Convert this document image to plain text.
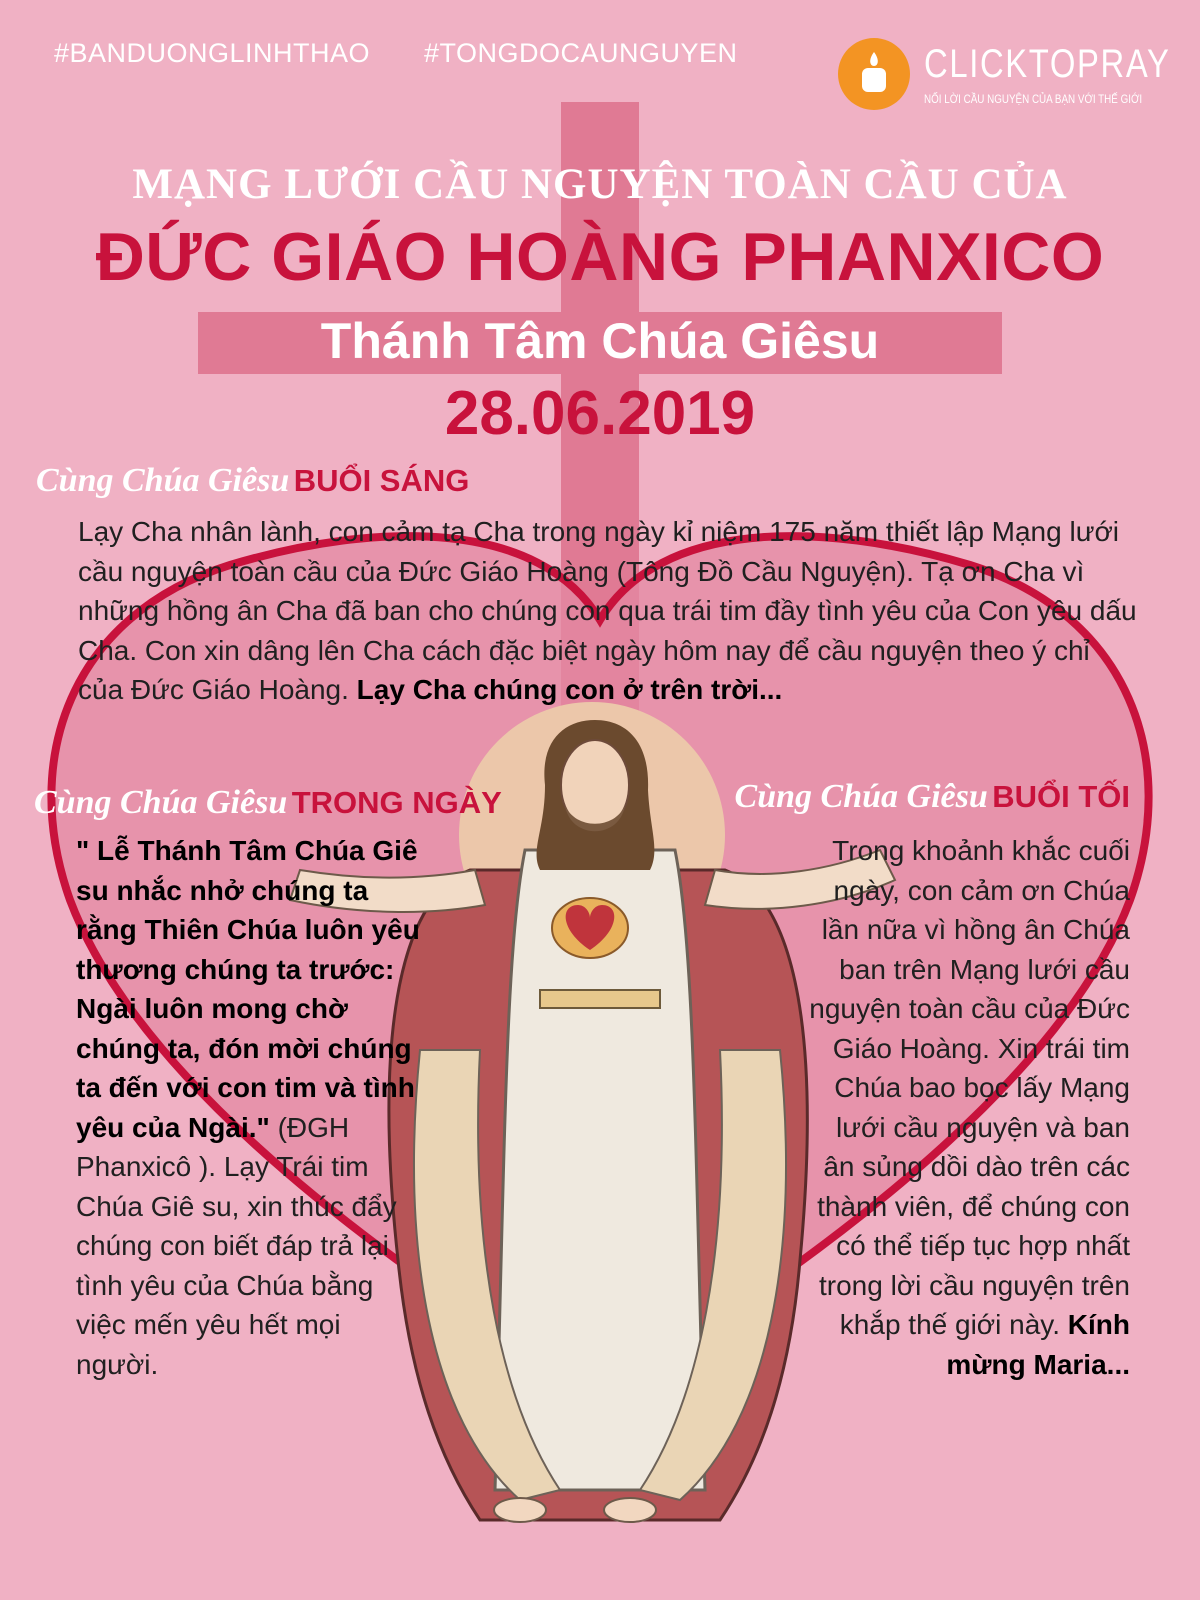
#BANDUONGLINHTHAO #TONGDOCAUNGUYEN	CLICKTOPRAY
NỐI LỜI CẦU NGUYỆN CỦA BẠN VỚI THẾ GIỚI
MẠNG LƯỚI CẦU NGUYỆN TOÀN CẦU CỦA
ĐỨC GIÁO HOÀNG PHANXICO
Thánh Tâm Chúa Giêsu
28.06.2019
Cùng Chúa Giêsu BUỔI SÁNG
Lạy Cha nhân lành, con cảm tạ Cha trong ngày kỉ niệm 175 năm thiết lập Mạng lưới cầu nguyện toàn cầu của Đức Giáo Hoàng (Tông Đồ Cầu Nguyện). Tạ ơn Cha vì những hồng ân Cha đã ban cho chúng con qua trái tim đầy tình yêu của Con yêu dấu Cha. Con xin dâng lên Cha cách đặc biệt ngày hôm nay để cầu nguyện theo ý chỉ của Đức Giáo Hoàng. Lạy Cha chúng con ở trên trời...
Cùng Chúa Giêsu TRONG NGÀY
" Lễ Thánh Tâm Chúa Giê su nhắc nhở chúng ta rằng Thiên Chúa luôn yêu thương chúng ta trước: Ngài luôn mong chờ chúng ta, đón mời chúng ta đến với con tim và tình yêu của Ngài." (ĐGH Phanxicô ). Lạy Trái tim Chúa Giê su, xin thúc đẩy chúng con biết đáp trả lại tình yêu của Chúa bằng việc mến yêu hết mọi người.
Cùng Chúa Giêsu BUỔI TỐI
Trong khoảnh khắc cuối ngày, con cảm ơn Chúa lần nữa vì hồng ân Chúa ban trên Mạng lưới cầu nguyện toàn cầu của Đức Giáo Hoàng. Xin trái tim Chúa bao bọc lấy Mạng lưới cầu nguyện và ban ân sủng dồi dào trên các thành viên, để chúng con có thể tiếp tục hợp nhất trong lời cầu nguyện trên khắp thế giới này. Kính mừng Maria...
